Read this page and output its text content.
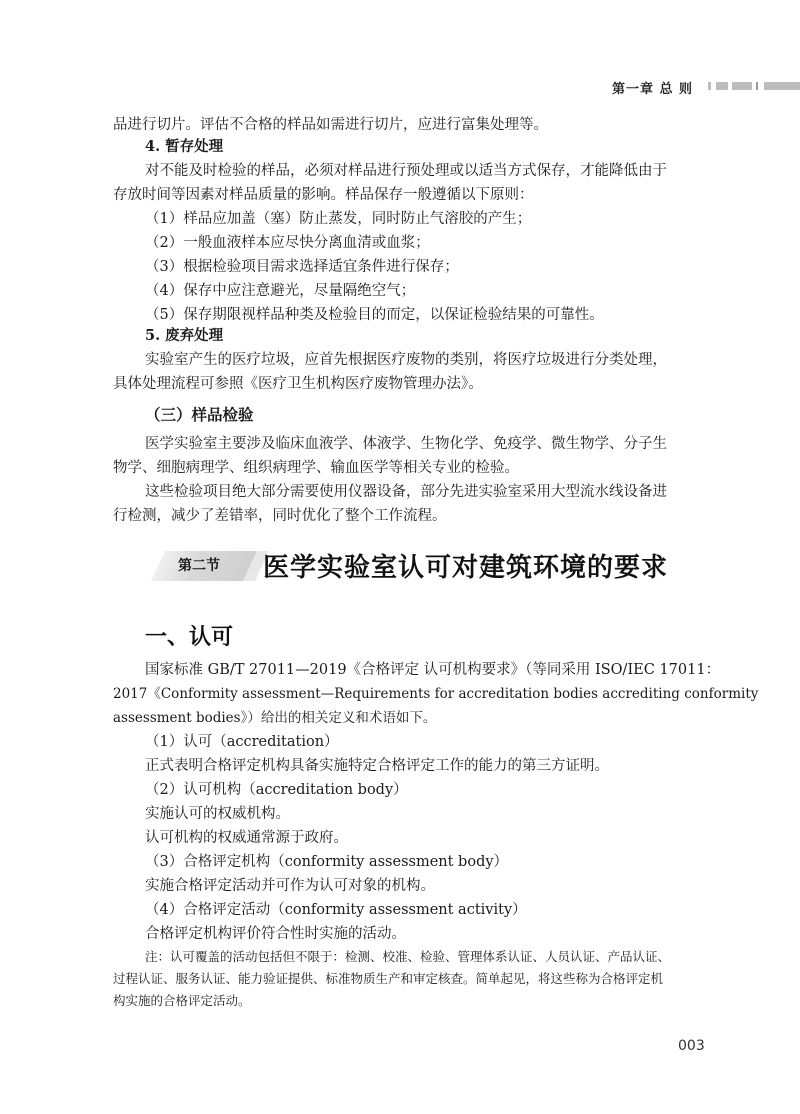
第一章 总 则
品进行切片。评估不合格的样品如需进行切片，应进行富集处理等。
4. 暂存处理
对不能及时检验的样品，必须对样品进行预处理或以适当方式保存，才能降低由于
存放时间等因素对样品质量的影响。样品保存一般遵循以下原则：
（1）样品应加盖（塞）防止蒸发，同时防止气溶胶的产生；
（2）一般血液样本应尽快分离血清或血浆；
（3）根据检验项目需求选择适宜条件进行保存；
（4）保存中应注意避光，尽量隔绝空气；
（5）保存期限视样品种类及检验目的而定，以保证检验结果的可靠性。
5. 废弃处理
实验室产生的医疗垃圾，应首先根据医疗废物的类别，将医疗垃圾进行分类处理，
具体处理流程可参照《医疗卫生机构医疗废物管理办法》。
（三）样品检验
医学实验室主要涉及临床血液学、体液学、生物化学、免疫学、微生物学、分子生
物学、细胞病理学、组织病理学、输血医学等相关专业的检验。
这些检验项目绝大部分需要使用仪器设备，部分先进实验室采用大型流水线设备进
行检测，减少了差错率，同时优化了整个工作流程。
第二节 医学实验室认可对建筑环境的要求
一、认可
国家标准 GB/T 27011—2019《合格评定 认可机构要求》（等同采用 ISO/IEC 17011：
2017《Conformity assessment—Requirements for accreditation bodies accrediting conformity
assessment bodies》）给出的相关定义和术语如下。
（1）认可（accreditation）
正式表明合格评定机构具备实施特定合格评定工作的能力的第三方证明。
（2）认可机构（accreditation body）
实施认可的权威机构。
认可机构的权威通常源于政府。
（3）合格评定机构（conformity assessment body）
实施合格评定活动并可作为认可对象的机构。
（4）合格评定活动（conformity assessment activity）
合格评定机构评价符合性时实施的活动。
注：认可覆盖的活动包括但不限于：检测、校准、检验、管理体系认证、人员认证、产品认证、
过程认证、服务认证、能力验证提供、标准物质生产和审定核查。简单起见，将这些称为合格评定机
构实施的合格评定活动。
003
